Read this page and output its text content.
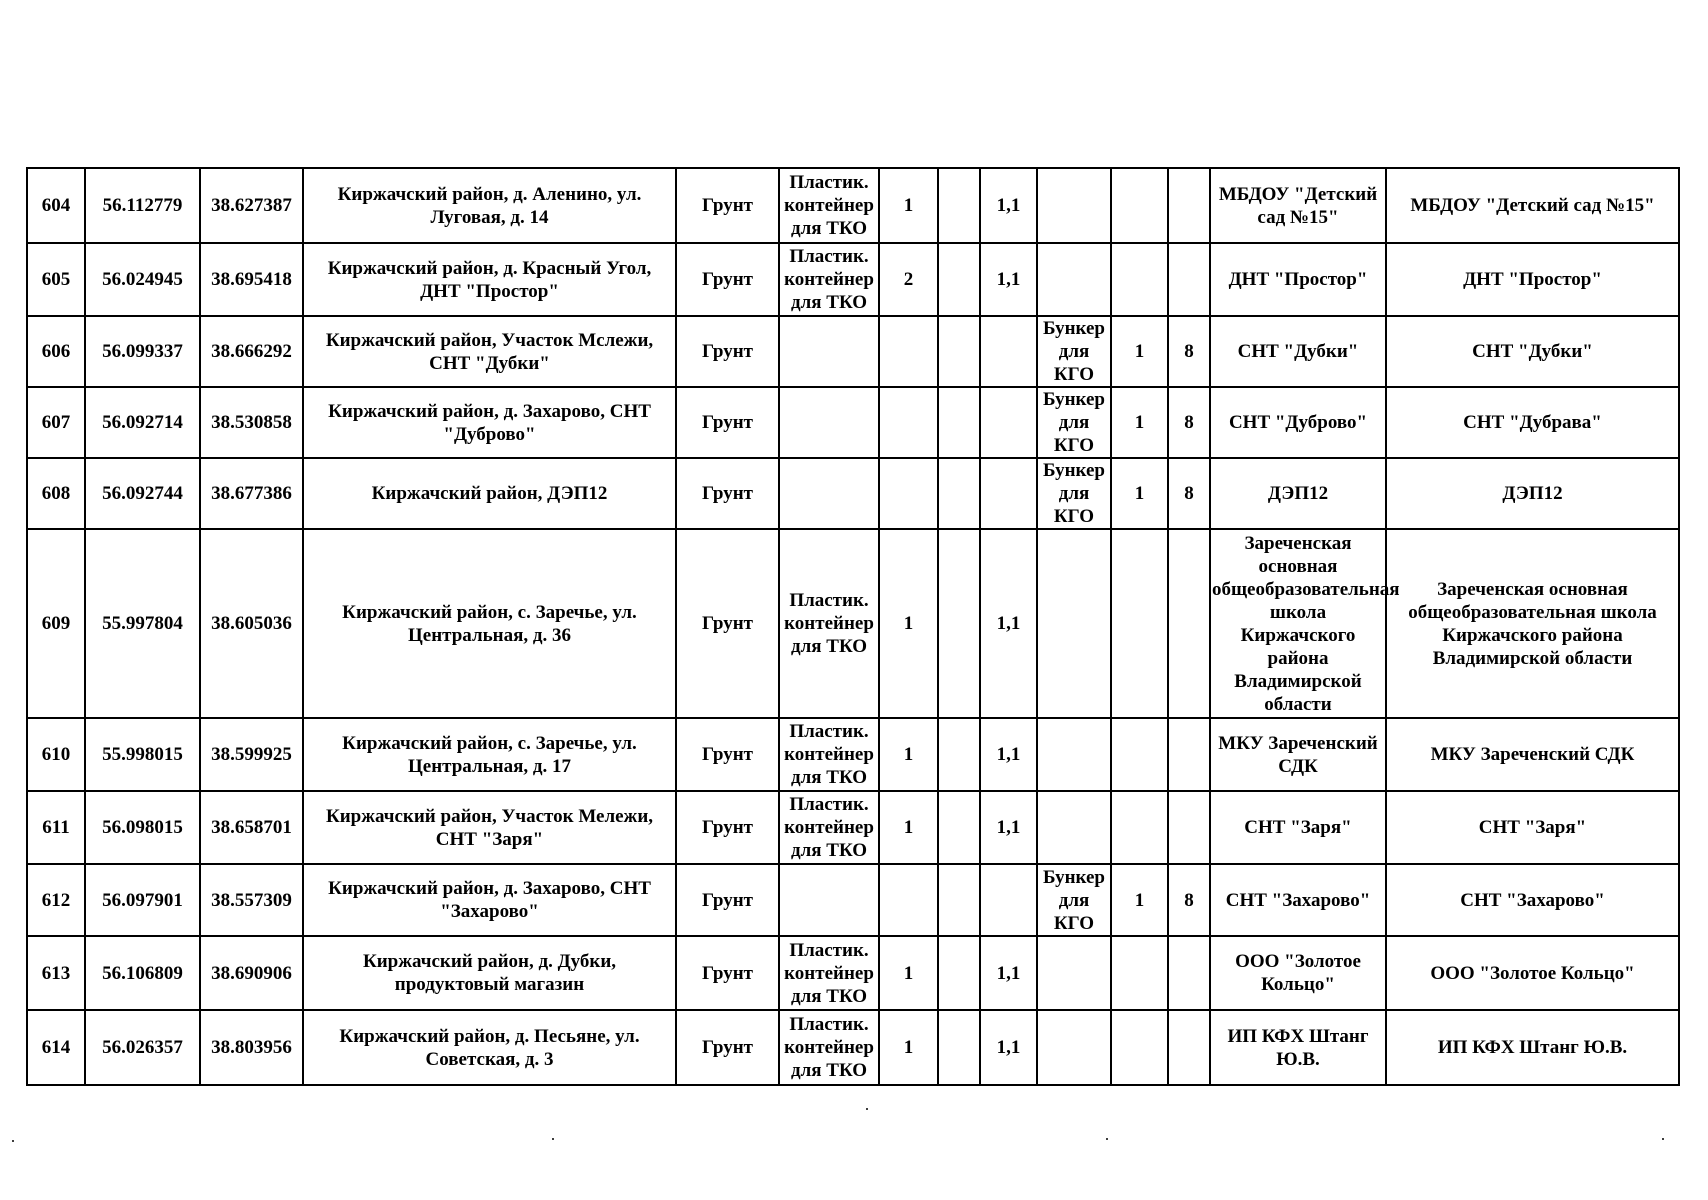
604	56.112779	38.627387	Киржачский район, д. Аленино, ул. Луговая, д. 14	Грунт	Пластик. контейнер для ТКО	1		1,1				МБДОУ "Детский сад №15"	МБДОУ "Детский сад №15"
605	56.024945	38.695418	Киржачский район, д. Красный Угол, ДНТ "Простор"	Грунт	Пластик. контейнер для ТКО	2		1,1				ДНТ "Простор"	ДНТ "Простор"
606	56.099337	38.666292	Киржачский район, Участок Мслежи, СНТ "Дубки"	Грунт					Бункер для КГО	1	8	СНТ "Дубки"	СНТ "Дубки"
607	56.092714	38.530858	Киржачский район, д. Захарово, СНТ "Дуброво"	Грунт					Бункер для КГО	1	8	СНТ "Дуброво"	СНТ "Дубрава"
608	56.092744	38.677386	Киржачский район, ДЭП12	Грунт					Бункер для КГО	1	8	ДЭП12	ДЭП12
609	55.997804	38.605036	Киржачский район, с. Заречье, ул. Центральная, д. 36	Грунт	Пластик. контейнер для ТКО	1		1,1				Зареченская основная общеобразовательная школа Киржачского района Владимирской области	Зареченская основная общеобразовательная школа Киржачского района Владимирской области
610	55.998015	38.599925	Киржачский район, с. Заречье, ул. Центральная, д. 17	Грунт	Пластик. контейнер для ТКО	1		1,1				МКУ Зареченский СДК	МКУ Зареченский СДК
611	56.098015	38.658701	Киржачский район, Участок Мележи, СНТ "Заря"	Грунт	Пластик. контейнер для ТКО	1		1,1				СНТ "Заря"	СНТ "Заря"
612	56.097901	38.557309	Киржачский район, д. Захарово, СНТ "Захарово"	Грунт					Бункер для КГО	1	8	СНТ "Захарово"	СНТ "Захарово"
613	56.106809	38.690906	Киржачский район, д. Дубки, продуктовый магазин	Грунт	Пластик. контейнер для ТКО	1		1,1				ООО "Золотое Кольцо"	ООО "Золотое Кольцо"
614	56.026357	38.803956	Киржачский район, д. Песьяне, ул. Советская, д. 3	Грунт	Пластик. контейнер для ТКО	1		1,1				ИП КФХ Штанг Ю.В.	ИП КФХ Штанг Ю.В.
